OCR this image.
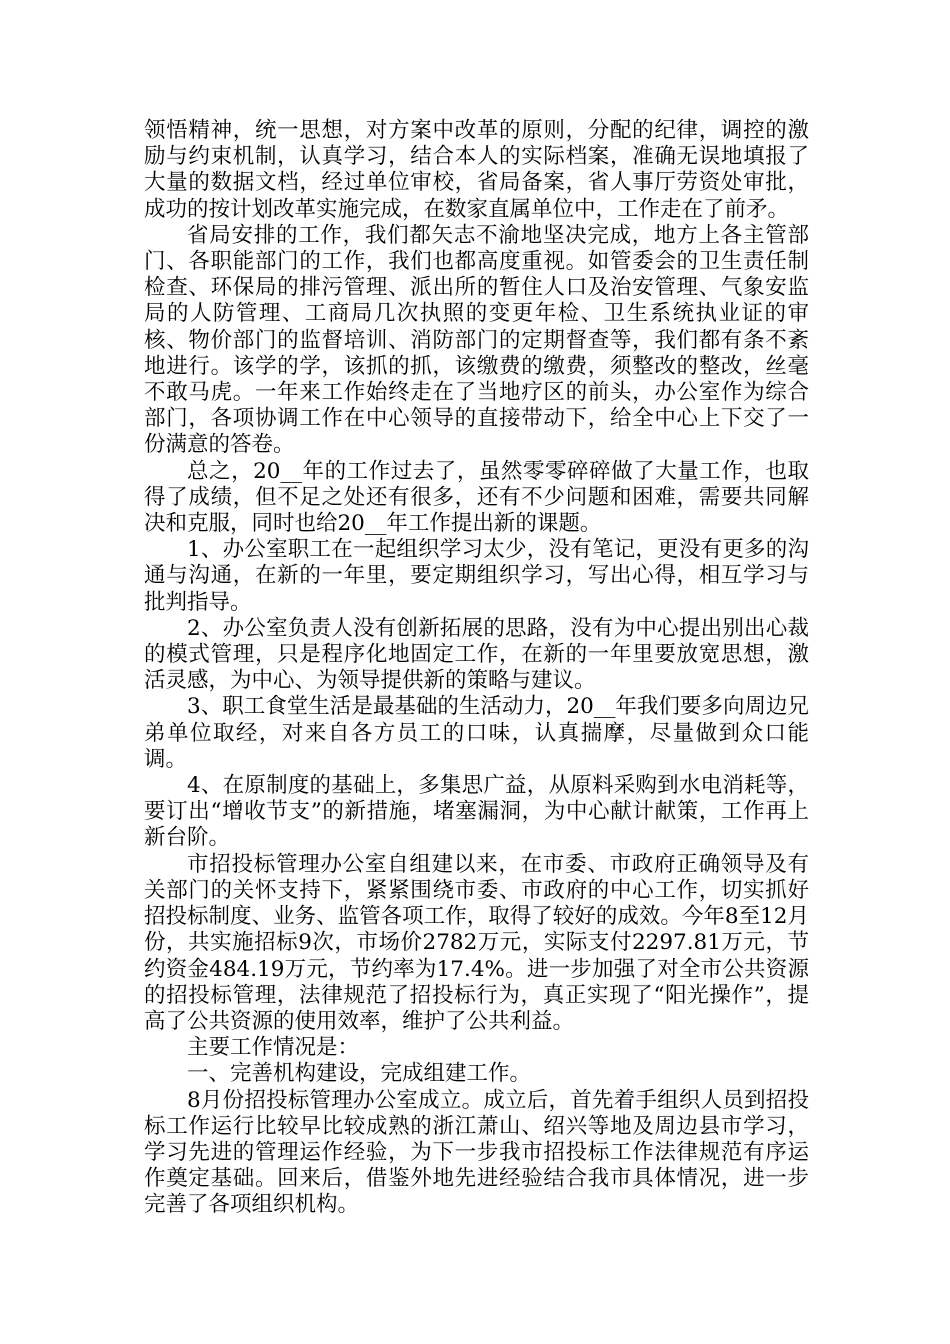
领悟精神，统一思想，对方案中改革的原则，分配的纪律，调控的激励与约束机制，认真学习，结合本人的实际档案，准确无误地填报了大量的数据文档，经过单位审校，省局备案，省人事厅劳资处审批，成功的按计划改革实施完成，在数家直属单位中，工作走在了前矛。

省局安排的工作，我们都矢志不渝地坚决完成，地方上各主管部门、各职能部门的工作，我们也都高度重视。如管委会的卫生责任制检查、环保局的排污管理、派出所的暂住人口及治安管理、气象安监局的人防管理、工商局几次执照的变更年检、卫生系统执业证的审核、物价部门的监督培训、消防部门的定期督查等，我们都有条不紊地进行。该学的学，该抓的抓，该缴费的缴费，须整改的整改，丝毫不敢马虎。一年来工作始终走在了当地疗区的前头，办公室作为综合部门，各项协调工作在中心领导的直接带动下，给全中心上下交了一份满意的答卷。

总之，20__年的工作过去了，虽然零零碎碎做了大量工作，也取得了成绩，但不足之处还有很多，还有不少问题和困难，需要共同解决和克服，同时也给20__年工作提出新的课题。

1、办公室职工在一起组织学习太少，没有笔记，更没有更多的沟通与沟通，在新的一年里，要定期组织学习，写出心得，相互学习与批判指导。

2、办公室负责人没有创新拓展的思路，没有为中心提出别出心裁的模式管理，只是程序化地固定工作，在新的一年里要放宽思想，激活灵感，为中心、为领导提供新的策略与建议。

3、职工食堂生活是最基础的生活动力，20__年我们要多向周边兄弟单位取经，对来自各方员工的口味，认真揣摩，尽量做到众口能调。

4、在原制度的基础上，多集思广益，从原料采购到水电消耗等，要订出“增收节支”的新措施，堵塞漏洞，为中心献计献策，工作再上新台阶。

市招投标管理办公室自组建以来，在市委、市政府正确领导及有关部门的关怀支持下，紧紧围绕市委、市政府的中心工作，切实抓好招投标制度、业务、监管各项工作，取得了较好的成效。今年8至12月份，共实施招标9次，市场价2782万元，实际支付2297.81万元，节约资金484.19万元，节约率为17.4%。进一步加强了对全市公共资源的招投标管理，法律规范了招投标行为，真正实现了“阳光操作”，提高了公共资源的使用效率，维护了公共利益。

主要工作情况是：

一、完善机构建设，完成组建工作。

8月份招投标管理办公室成立。成立后，首先着手组织人员到招投标工作运行比较早比较成熟的浙江萧山、绍兴等地及周边县市学习，学习先进的管理运作经验，为下一步我市招投标工作法律规范有序运作奠定基础。回来后，借鉴外地先进经验结合我市具体情况，进一步完善了各项组织机构。
